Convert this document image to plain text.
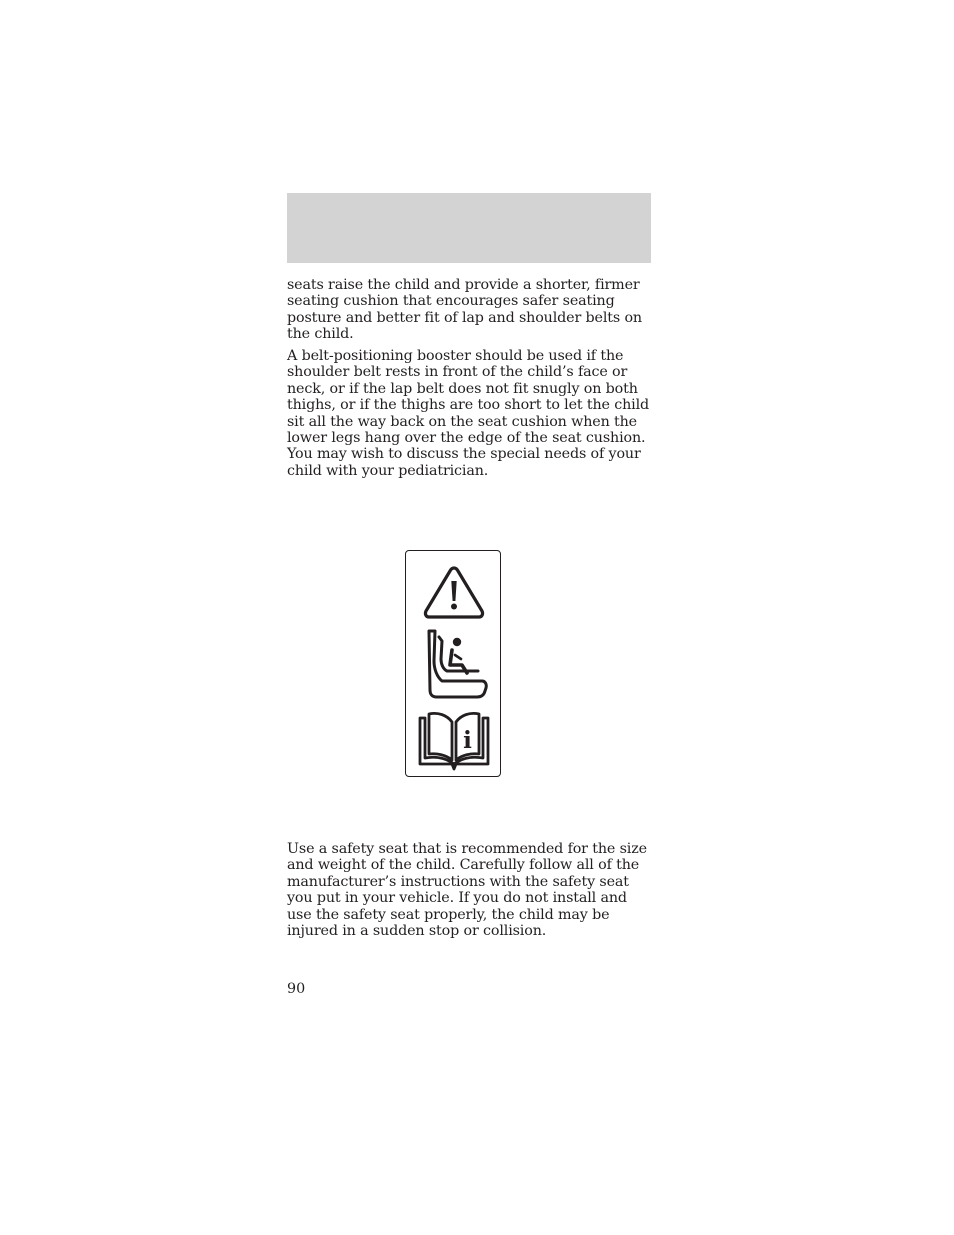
seats raise the child and provide a shorter, firmer seating cushion that encourages safer seating posture and better fit of lap and shoulder belts on the child.

A belt-positioning booster should be used if the shoulder belt rests in front of the child’s face or neck, or if the lap belt does not fit snugly on both thighs, or if the thighs are too short to let the child sit all the way back on the seat cushion when the lower legs hang over the edge of the seat cushion. You may wish to discuss the special needs of your child with your pediatrician.

i

Use a safety seat that is recommended for the size and weight of the child. Carefully follow all of the manufacturer’s instructions with the safety seat you put in your vehicle. If you do not install and use the safety seat properly, the child may be injured in a sudden stop or collision.

90
